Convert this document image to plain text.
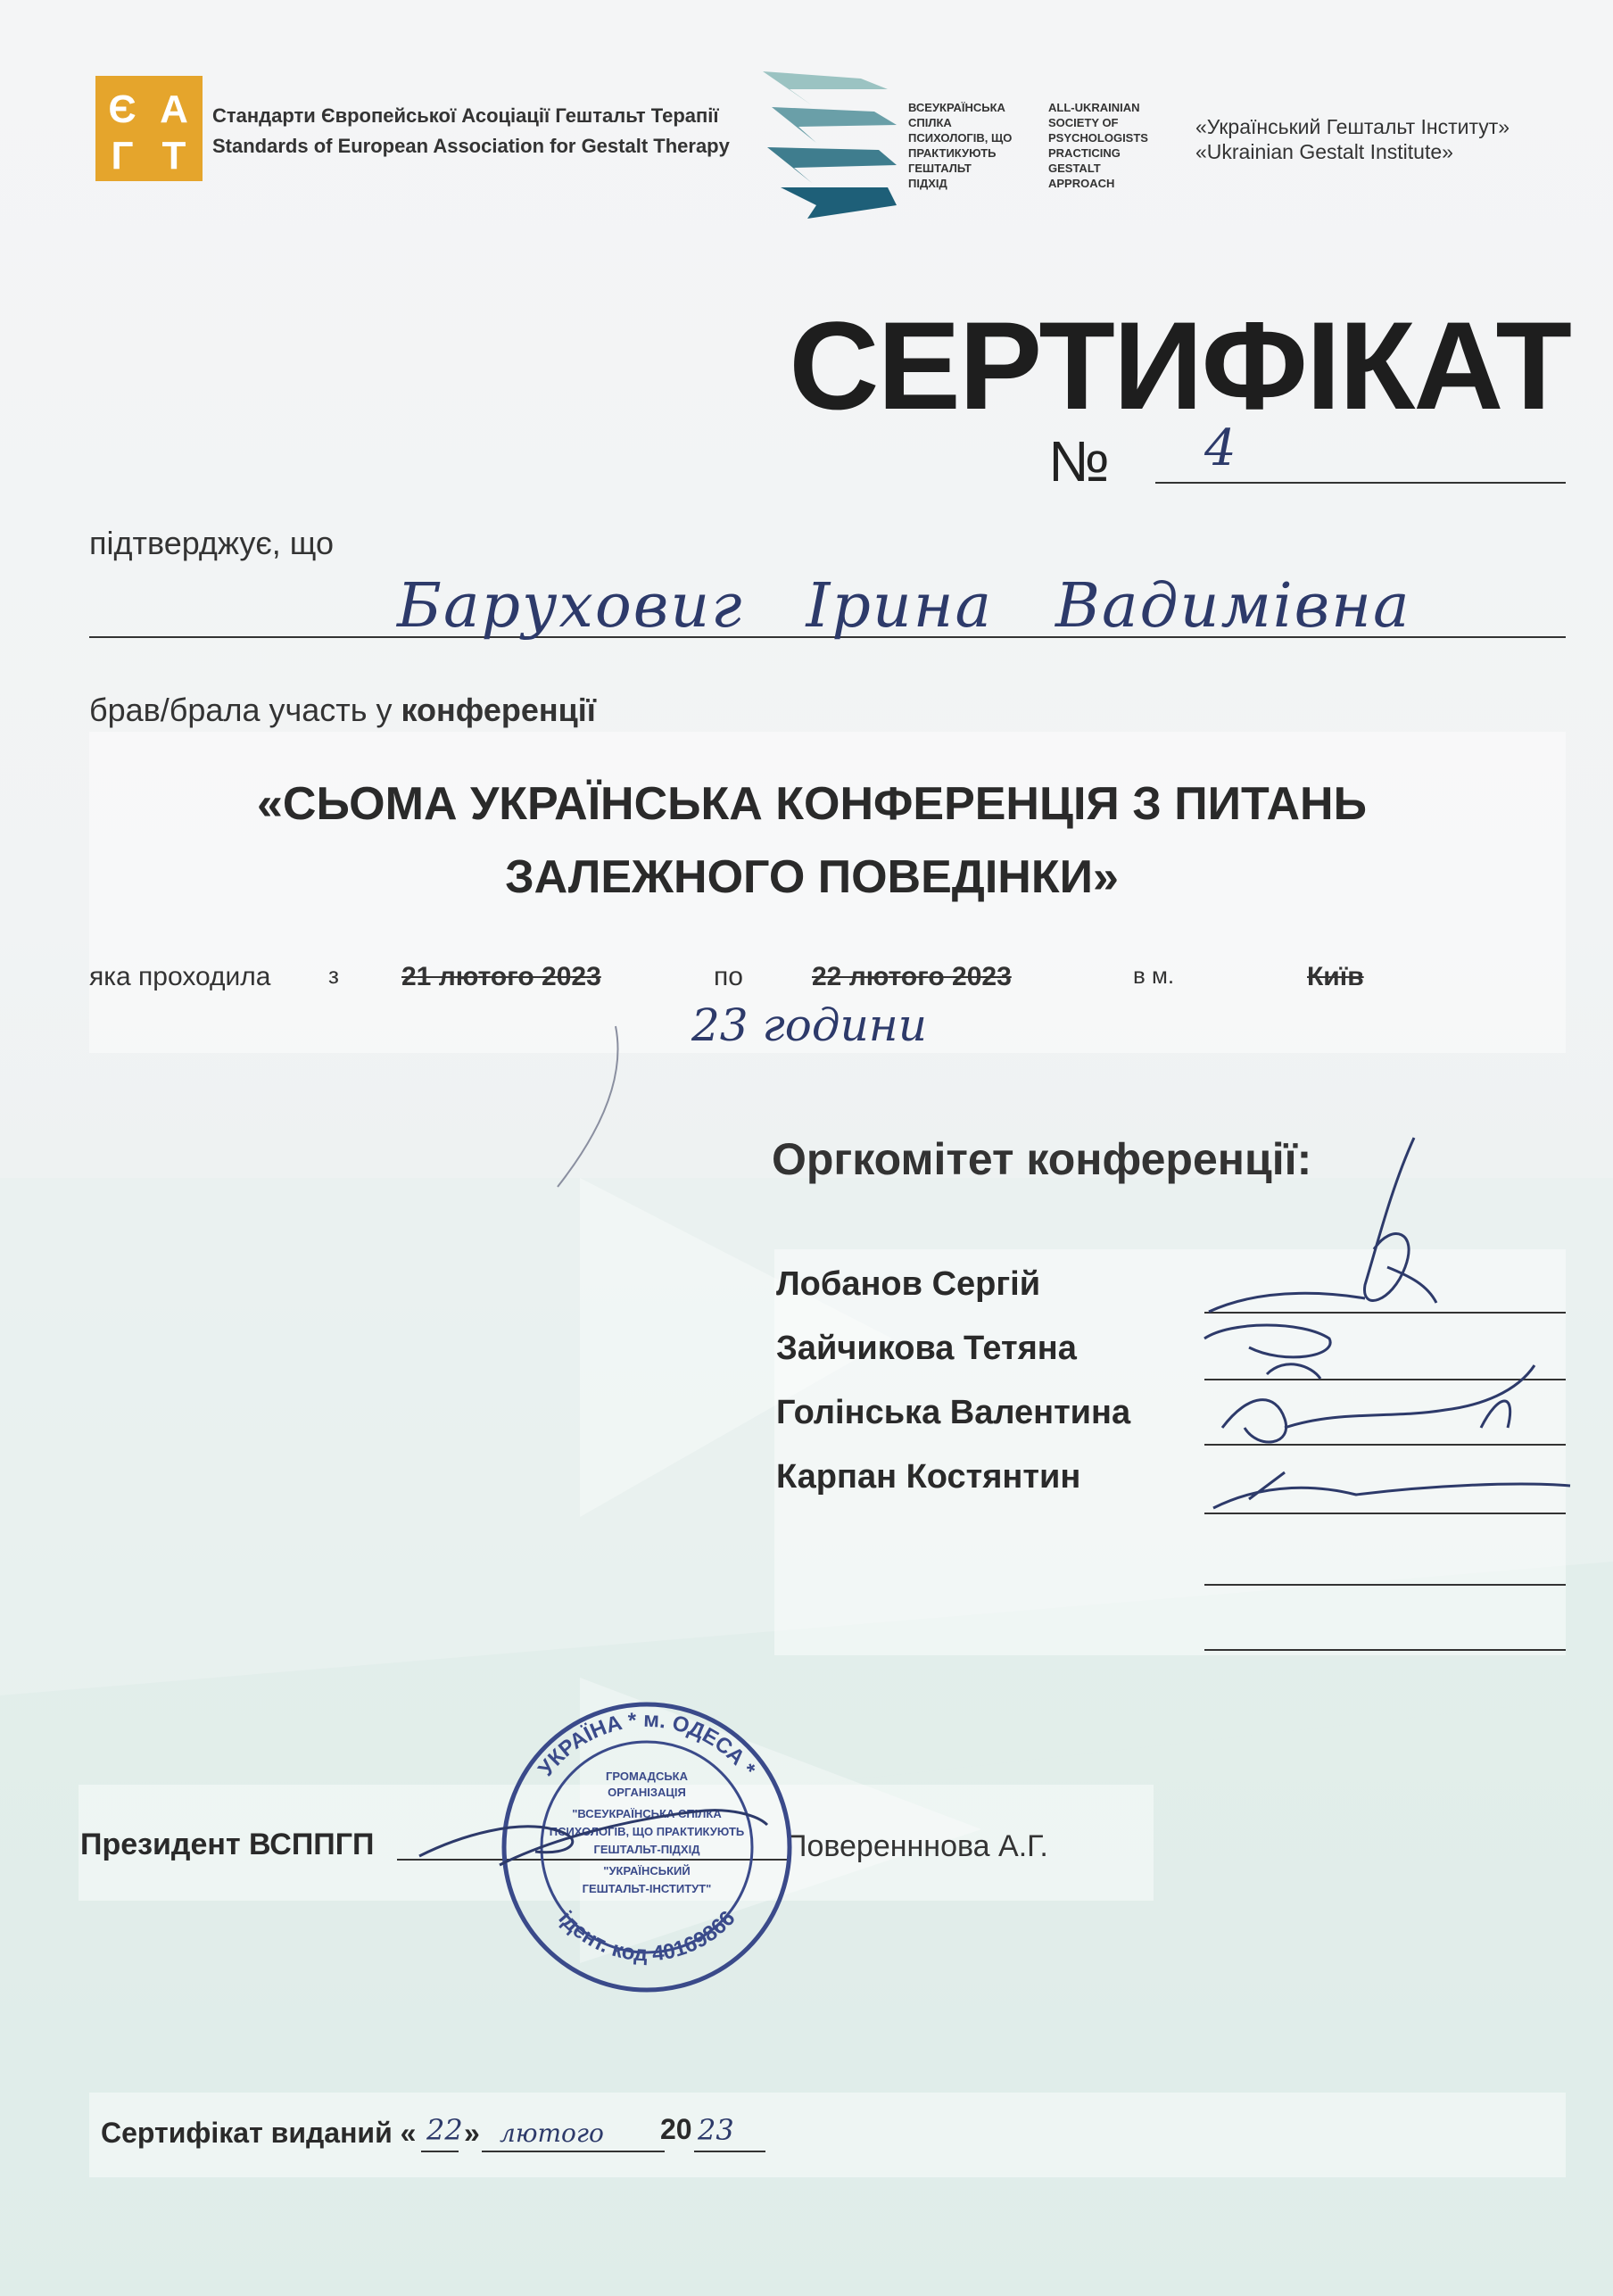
Є А
Г Т
Стандарти Європейської Асоціації Гештальт Терапії
Standards of European Association for Gestalt Therapy
ВСЕУКРАЇНСЬКА
СПІЛКА
ПСИХОЛОГІВ, ЩО
ПРАКТИКУЮТЬ
ГЕШТАЛЬТ
ПІДХІД
ALL-UKRAINIAN
SOCIETY OF
PSYCHOLOGISTS
PRACTICING
GESTALT
APPROACH
«Український Гештальт Інститут»
«Ukrainian Gestalt Institute»
СЕРТИФІКАТ
№ 4
підтверджує, що
Баруховиг Ірина Вадимівна
брав/брала участь у конференції
«СЬОМА УКРАЇНСЬКА КОНФЕРЕНЦІЯ З ПИТАНЬ
ЗАЛЕЖНОГО ПОВЕДІНКИ»
яка проходила з 21 лютого 2023	по	22 лютого 2023	в м.	Київ
23 години
Оргкомітет конференції:
Лобанов Сергій
Зайчикова Тетяна
Голінська Валентина
Карпан Костянтин
Президент ВСППГП	Поверенннова А.Г.
УКРАЇНА * м. ОДЕСА *
ідент. код 40169866
ГРОМАДСЬКА
ОРГАНІЗАЦІЯ
"ВСЕУКРАЇНСЬКА СПІЛКА
ПСИХОЛОГІВ, ЩО ПРАКТИКУЮТЬ
ГЕШТАЛЬТ-ПІДХІД
"УКРАЇНСЬКИЙ
ГЕШТАЛЬТ-ІНСТИТУТ"
Сертифікат виданий « 22 » лютого 20 23
